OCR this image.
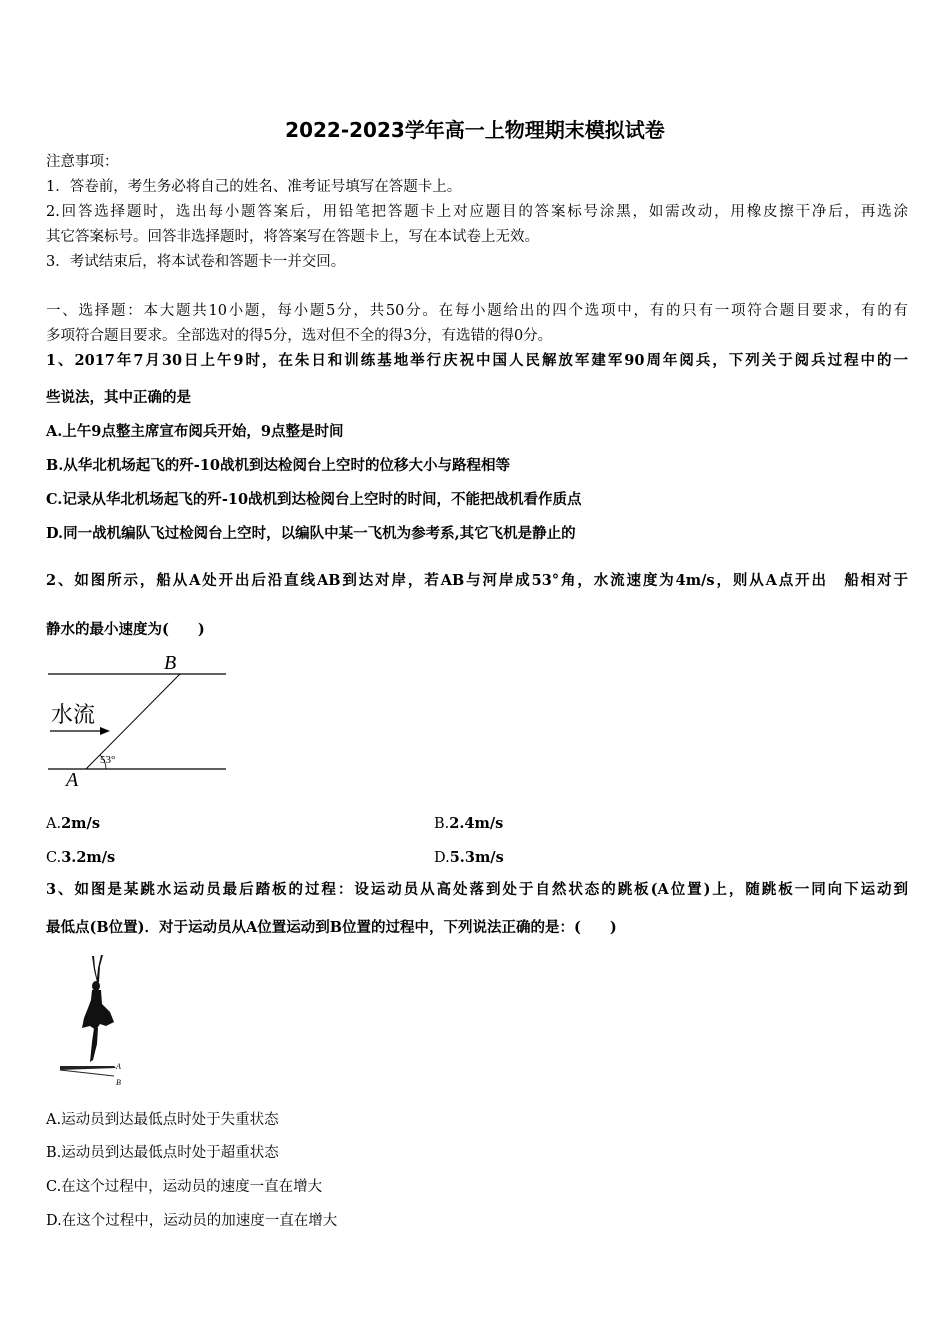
2022-2023学年高一上物理期末模拟试卷
注意事项：
1．答卷前，考生务必将自己的姓名、准考证号填写在答题卡上。
2.回答选择题时，选出每小题答案后，用铅笔把答题卡上对应题目的答案标号涂黑，如需改动，用橡皮擦干净后，再选涂
其它答案标号。回答非选择题时，将答案写在答题卡上，写在本试卷上无效。
3．考试结束后，将本试卷和答题卡一并交回。
一、选择题：本大题共10小题，每小题5分，共50分。在每小题给出的四个选项中，有的只有一项符合题目要求，有的有
多项符合题目要求。全部选对的得5分，选对但不全的得3分，有选错的得0分。
1、2017年7月30日上午9时，在朱日和训练基地举行庆祝中国人民解放军建军90周年阅兵，下列关于阅兵过程中的一
些说法，其中正确的是
A.上午9点整主席宣布阅兵开始，9点整是时间
B.从华北机场起飞的歼-10战机到达检阅台上空时的位移大小与路程相等
C.记录从华北机场起飞的歼-10战机到达检阅台上空时的时间，不能把战机看作质点
D.同一战机编队飞过检阅台上空时，以编队中某一飞机为参考系,其它飞机是静止的
2、如图所示，船从A处开出后沿直线AB到达对岸，若AB与河岸成53°角，水流速度为4m/s，则从A点开出　船相对于
静水的最小速度为(　　)
B
A
水流
53°
A.2m/s	B.2.4m/s
C.3.2m/s	D.5.3m/s
3、如图是某跳水运动员最后踏板的过程：设运动员从高处落到处于自然状态的跳板(A位置)上，随跳板一同向下运动到
最低点(B位置)．对于运动员从A位置运动到B位置的过程中，下列说法正确的是：(　　)
A
B
A.运动员到达最低点时处于失重状态
B.运动员到达最低点时处于超重状态
C.在这个过程中，运动员的速度一直在增大
D.在这个过程中，运动员的加速度一直在增大
